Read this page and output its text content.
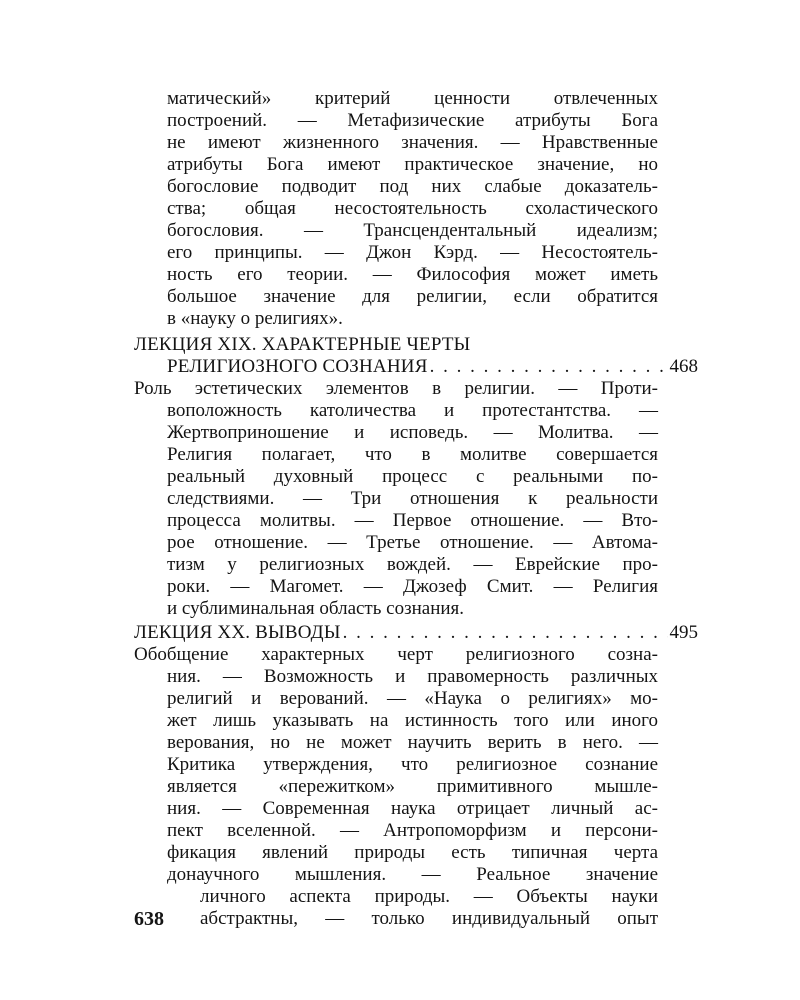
матический» критерий ценности отвлеченных
построений. — Метафизические атрибуты Бога
не имеют жизненного значения. — Нравственные
атрибуты Бога имеют практическое значение, но
богословие подводит под них слабые доказатель-
ства; общая несостоятельность схоластического
богословия. — Трансцендентальный идеализм;
его принципы. — Джон Кэрд. — Несостоятель-
ность его теории. — Философия может иметь
большое значение для религии, если обратится
в «науку о религиях».
ЛЕКЦИЯ XIX. ХАРАКТЕРНЫЕ ЧЕРТЫ
РЕЛИГИОЗНОГО СОЗНАНИЯ . . .	468
Роль эстетических элементов в религии. — Проти-
воположность католичества и протестантства. —
Жертвоприношение и исповедь. — Молитва. —
Религия полагает, что в молитве совершается
реальный духовный процесс с реальными по-
следствиями. — Три отношения к реальности
процесса молитвы. — Первое отношение. — Вто-
рое отношение. — Третье отношение. — Автома-
тизм у религиозных вождей. — Еврейские про-
роки. — Магомет. — Джозеф Смит. — Религия
и сублиминальная область сознания.
ЛЕКЦИЯ XX. ВЫВОДЫ . . .	495
Обобщение характерных черт религиозного созна-
ния. — Возможность и правомерность различных
религий и верований. — «Наука о религиях» мо-
жет лишь указывать на истинность того или иного
верования, но не может научить верить в него. —
Критика утверждения, что религиозное сознание
является «пережитком» примитивного мышле-
ния. — Современная наука отрицает личный ас-
пект вселенной. — Антропоморфизм и персони-
фикация явлений природы есть типичная черта
донаучного мышления. — Реальное значение
личного аспекта природы. — Объекты науки
абстрактны, — только индивидуальный опыт
638
